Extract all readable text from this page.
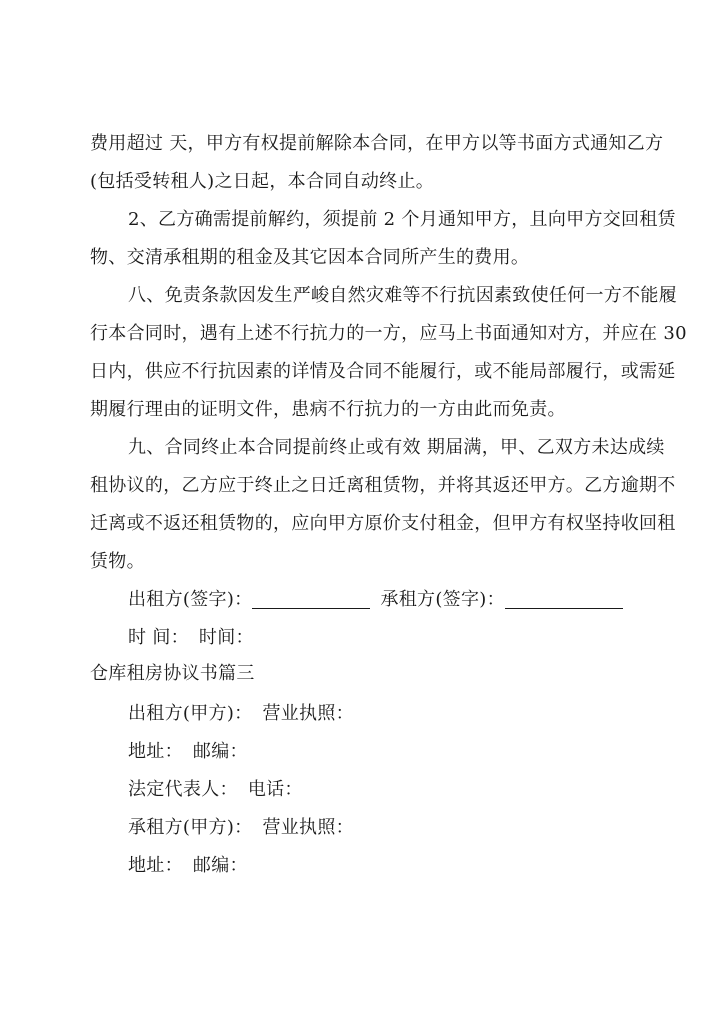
费用超过 天，甲方有权提前解除本合同，在甲方以等书面方式通知乙方
(包括受转租人)之日起，本合同自动终止。
2、乙方确需提前解约，须提前 2 个月通知甲方，且向甲方交回租赁
物、交清承租期的租金及其它因本合同所产生的费用。
八、免责条款因发生严峻自然灾难等不行抗因素致使任何一方不能履
行本合同时，遇有上述不行抗力的一方，应马上书面通知对方，并应在 30
日内，供应不行抗因素的详情及合同不能履行，或不能局部履行，或需延
期履行理由的证明文件，患病不行抗力的一方由此而免责。
九、合同终止本合同提前终止或有效 期届满，甲、乙双方未达成续
租协议的，乙方应于终止之日迁离租赁物，并将其返还甲方。乙方逾期不
迁离或不返还租赁物的，应向甲方原价支付租金，但甲方有权坚持收回租
赁物。
出租方(签字)：	承租方(签字)：
时 间： 时间：
仓库租房协议书篇三
出租方(甲方)： 营业执照：
地址： 邮编：
法定代表人： 电话：
承租方(甲方)： 营业执照：
地址： 邮编：
